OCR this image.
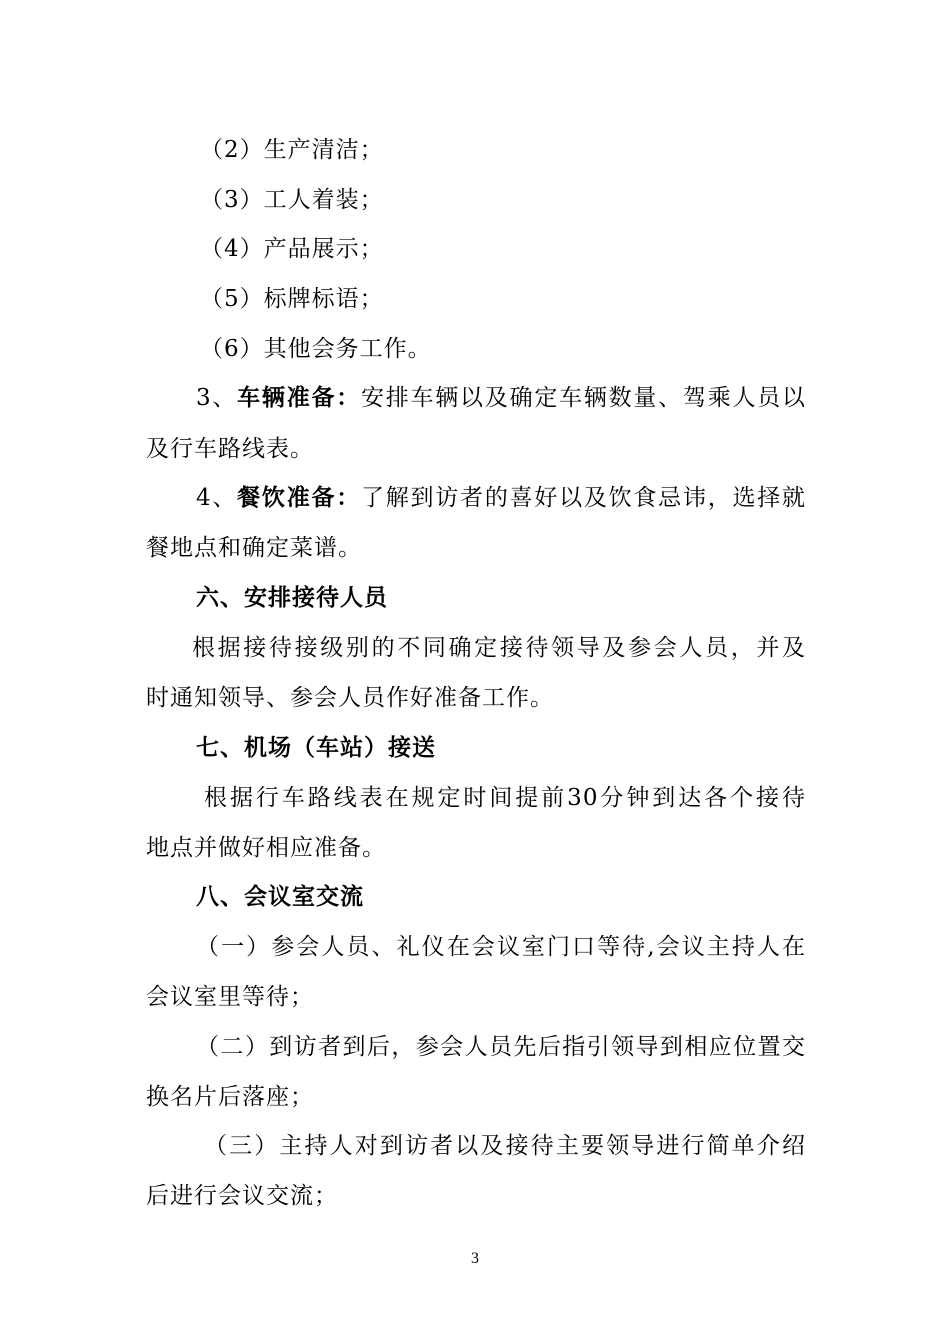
（2）生产清洁；
（3）工人着装；
（4）产品展示；
（5）标牌标语；
（6）其他会务工作。
3、车辆准备：安排车辆以及确定车辆数量、驾乘人员以
及行车路线表。
4、餐饮准备：了解到访者的喜好以及饮食忌讳，选择就
餐地点和确定菜谱。
六、安排接待人员
根据接待接级别的不同确定接待领导及参会人员，并及
时通知领导、参会人员作好准备工作。
七、机场（车站）接送
根据行车路线表在规定时间提前30分钟到达各个接待
地点并做好相应准备。
八、会议室交流
（一）参会人员、礼仪在会议室门口等待,会议主持人在
会议室里等待；
（二）到访者到后，参会人员先后指引领导到相应位置交
换名片后落座；
（三）主持人对到访者以及接待主要领导进行简单介绍
后进行会议交流；
3
